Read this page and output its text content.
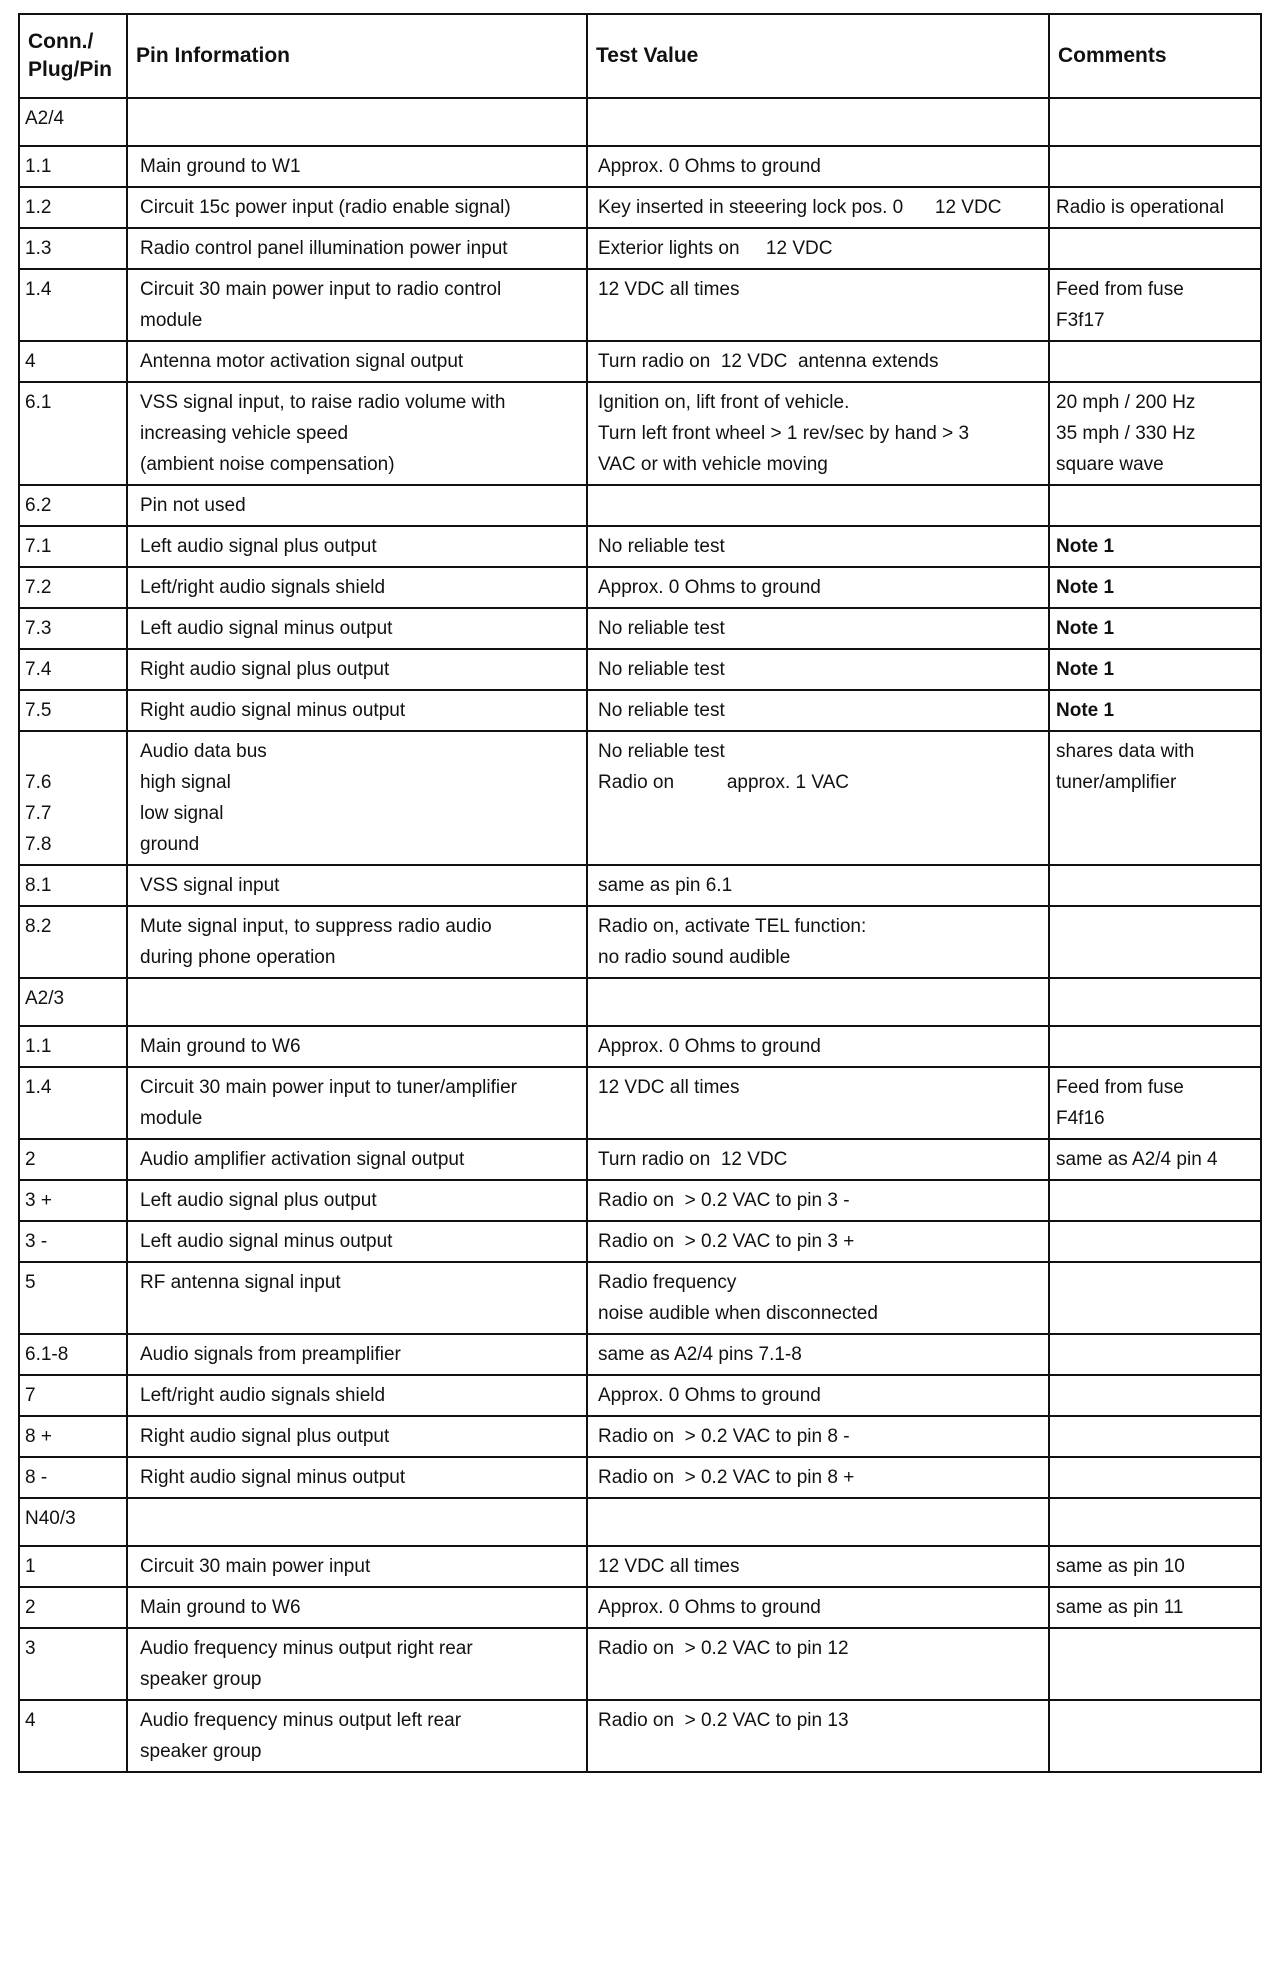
Conn./
Plug/Pin	Pin Information	Test Value	Comments

A2/4			

1.1	Main ground to W1	Approx. 0 Ohms to ground	

1.2	Circuit 15c power input (radio enable signal)	Key inserted in steeering lock pos. 0      12 VDC	Radio is operational

1.3	Radio control panel illumination power input	Exterior lights on     12 VDC	

1.4	Circuit 30 main power input to radio control
module	12 VDC all times	Feed from fuse
F3f17

4	Antenna motor activation signal output	Turn radio on  12 VDC  antenna extends	

6.1	VSS signal input, to raise radio volume with
increasing vehicle speed
(ambient noise compensation)	Ignition on, lift front of vehicle.
Turn left front wheel > 1 rev/sec by hand > 3
VAC or with vehicle moving	20 mph / 200 Hz
35 mph / 330 Hz
square wave

6.2	Pin not used		

7.1	Left audio signal plus output	No reliable test	Note 1

7.2	Left/right audio signals shield	Approx. 0 Ohms to ground	Note 1

7.3	Left audio signal minus output	No reliable test	Note 1

7.4	Right audio signal plus output	No reliable test	Note 1

7.5	Right audio signal minus output	No reliable test	Note 1

7.6
7.7
7.8	Audio data bus
high signal
low signal
ground	No reliable test
Radio on          approx. 1 VAC	shares data with
tuner/amplifier

8.1	VSS signal input	same as pin 6.1	

8.2	Mute signal input, to suppress radio audio
during phone operation	Radio on, activate TEL function:
no radio sound audible	

A2/3			

1.1	Main ground to W6	Approx. 0 Ohms to ground	

1.4	Circuit 30 main power input to tuner/amplifier
module	12 VDC all times	Feed from fuse
F4f16

2	Audio amplifier activation signal output	Turn radio on  12 VDC	same as A2/4 pin 4

3 +	Left audio signal plus output	Radio on  > 0.2 VAC to pin 3 -	

3 -	Left audio signal minus output	Radio on  > 0.2 VAC to pin 3 +	

5	RF antenna signal input	Radio frequency
noise audible when disconnected	

6.1-8	Audio signals from preamplifier	same as A2/4 pins 7.1-8	

7	Left/right audio signals shield	Approx. 0 Ohms to ground	

8 +	Right audio signal plus output	Radio on  > 0.2 VAC to pin 8 -	

8 -	Right audio signal minus output	Radio on  > 0.2 VAC to pin 8 +	

N40/3			

1	Circuit 30 main power input	12 VDC all times	same as pin 10

2	Main ground to W6	Approx. 0 Ohms to ground	same as pin 11

3	Audio frequency minus output right rear
speaker group	Radio on  > 0.2 VAC to pin 12	

4	Audio frequency minus output left rear
speaker group	Radio on  > 0.2 VAC to pin 13	
